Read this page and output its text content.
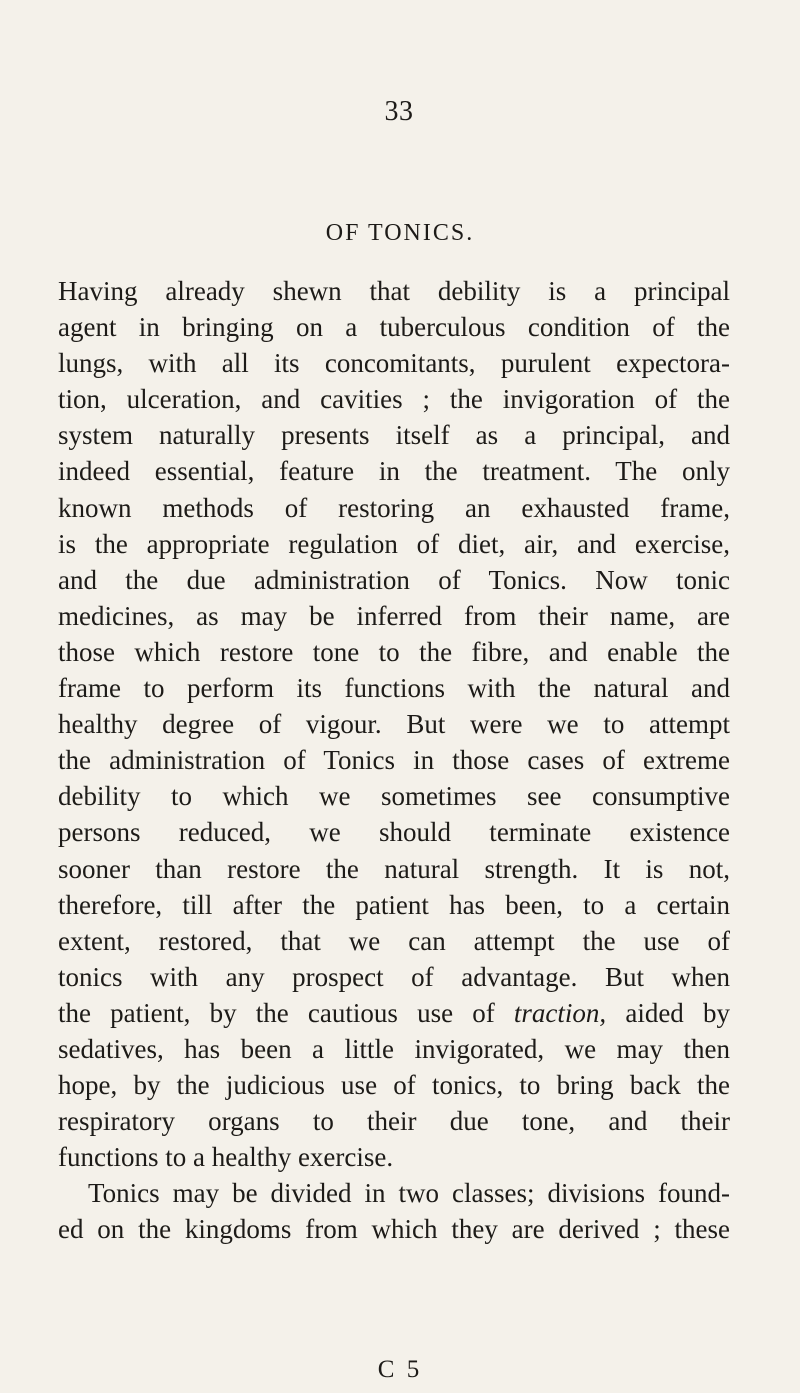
33
OF TONICS.
Having already shewn that debility is a principal
agent in bringing on a tuberculous condition of the
lungs, with all its concomitants, purulent expectora-
tion, ulceration, and cavities ; the invigoration of the
system naturally presents itself as a principal, and
indeed essential, feature in the treatment. The only
known methods of restoring an exhausted frame,
is the appropriate regulation of diet, air, and exercise,
and the due administration of Tonics. Now tonic
medicines, as may be inferred from their name, are
those which restore tone to the fibre, and enable the
frame to perform its functions with the natural and
healthy degree of vigour. But were we to attempt
the administration of Tonics in those cases of extreme
debility to which we sometimes see consumptive
persons reduced, we should terminate existence
sooner than restore the natural strength. It is not,
therefore, till after the patient has been, to a certain
extent, restored, that we can attempt the use of
tonics with any prospect of advantage. But when
the patient, by the cautious use of traction, aided by
sedatives, has been a little invigorated, we may then
hope, by the judicious use of tonics, to bring back the
respiratory organs to their due tone, and their
functions to a healthy exercise.
Tonics may be divided in two classes; divisions found-
ed on the kingdoms from which they are derived ; these
C 5
